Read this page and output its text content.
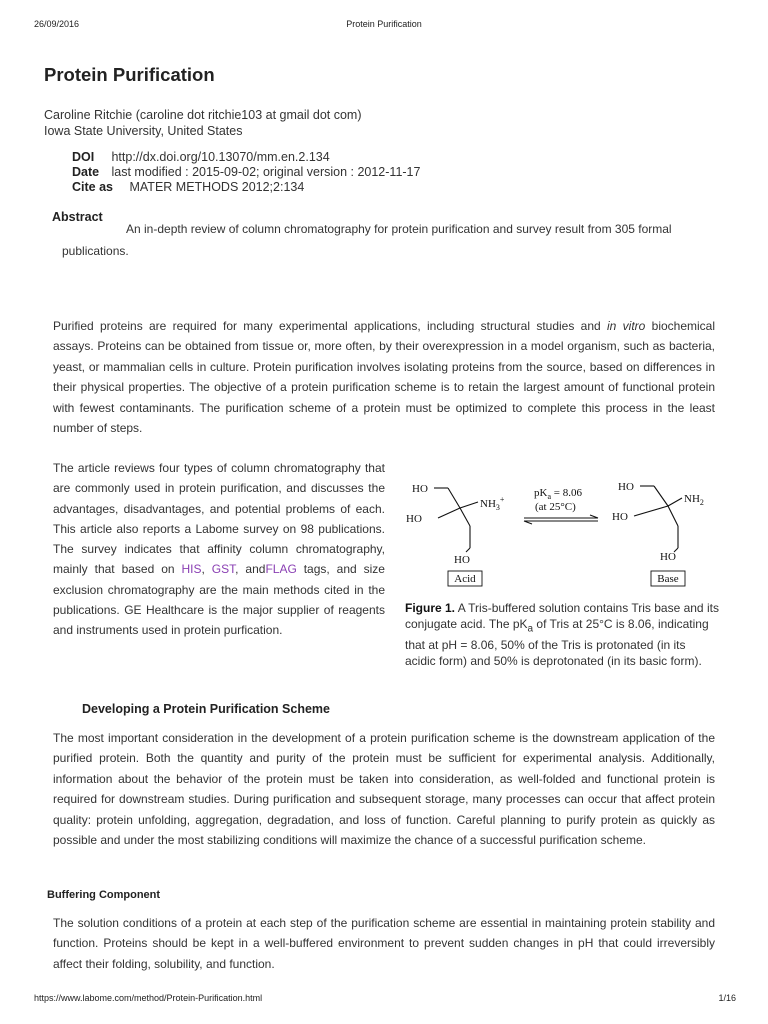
26/09/2016	Protein Purification
Protein Purification
Caroline Ritchie (caroline dot ritchie103 at gmail dot com)
Iowa State University, United States
DOI http://dx.doi.org/10.13070/mm.en.2.134
Date last modified : 2015-09-02; original version : 2012-11-17
Cite as MATER METHODS 2012;2:134
Abstract
An in-depth review of column chromatography for protein purification and survey result from 305 formal publications.

Purified proteins are required for many experimental applications, including structural studies and in vitro biochemical assays. Proteins can be obtained from tissue or, more often, by their overexpression in a model organism, such as bacteria, yeast, or mammalian cells in culture. Protein purification involves isolating proteins from the source, based on differences in their physical properties. The objective of a protein purification scheme is to retain the largest amount of functional protein with fewest contaminants. The purification scheme of a protein must be optimized to complete this process in the least number of steps.

The article reviews four types of column chromatography that are commonly used in protein purification, and discusses the advantages, disadvantages, and potential problems of each. This article also reports a Labome survey on 98 publications. The survey indicates that affinity column chromatography, mainly that based on HIS, GST, andFLAG tags, and size exclusion chromatography are the main methods cited in the publications. GE Healthcare is the major supplier of reagents and instruments used in protein purfication.

HO
HO
HO
$NH_3^+$
Acid
$pK_a = 8.06$
(at 25°C)
HO
HO
HO
$NH_2$
Base

Figure 1. A Tris-buffered solution contains Tris base and its conjugate acid. The $pK_a$ of Tris at 25°C is 8.06, indicating that at pH = 8.06, 50% of the Tris is protonated (in its acidic form) and 50% is deprotonated (in its basic form).

Developing a Protein Purification Scheme

The most important consideration in the development of a protein purification scheme is the downstream application of the purified protein. Both the quantity and purity of the protein must be sufficient for experimental analysis. Additionally, information about the behavior of the protein must be taken into consideration, as well-folded and functional protein is required for downstream studies. During purification and subsequent storage, many processes can occur that affect protein quality: protein unfolding, aggregation, degradation, and loss of function. Careful planning to purify protein as quickly as possible and under the most stabilizing conditions will maximize the chance of a successful purification scheme.

Buffering Component

The solution conditions of a protein at each step of the purification scheme are essential in maintaining protein stability and function. Proteins should be kept in a well-buffered environment to prevent sudden changes in pH that could irreversibly affect their folding, solubility, and function.

https://www.labome.com/method/Protein-Purification.html	1/16
